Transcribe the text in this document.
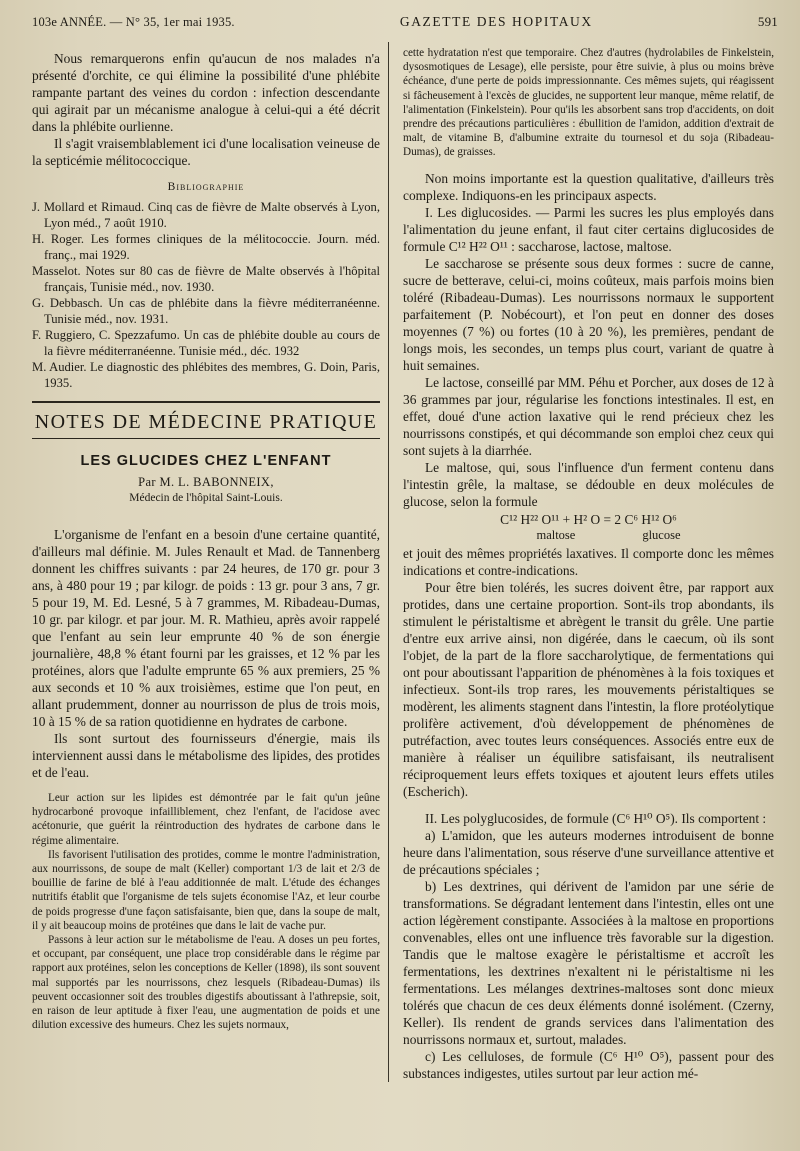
103e ANNÉE. — N° 35, 1er mai 1935.	GAZETTE DES HOPITAUX	591

Nous remarquerons enfin qu'aucun de nos malades n'a présenté d'orchite, ce qui élimine la possibilité d'une phlébite rampante partant des veines du cordon : infection descendante qui agirait par un mécanisme analogue à celui-qui a été décrit dans la phlébite ourlienne.

Il s'agit vraisemblablement ici d'une localisation veineuse de la septicémie mélitococcique.

Bibliographie

J. Mollard et Rimaud. Cinq cas de fièvre de Malte observés à Lyon, Lyon méd., 7 août 1910.

H. Roger. Les formes cliniques de la mélitococcie. Journ. méd. franç., mai 1929.

Masselot. Notes sur 80 cas de fièvre de Malte observés à l'hôpital français, Tunisie méd., nov. 1930.

G. Debbasch. Un cas de phlébite dans la fièvre méditerranéenne. Tunisie méd., nov. 1931.

F. Ruggiero, C. Spezzafumo. Un cas de phlébite double au cours de la fièvre méditerranéenne. Tunisie méd., déc. 1932

M. Audier. Le diagnostic des phlébites des membres, G. Doin, Paris, 1935.

NOTES DE MÉDECINE PRATIQUE
LES GLUCIDES CHEZ L'ENFANT
Par M. L. BABONNEIX,
Médecin de l'hôpital Saint-Louis.

L'organisme de l'enfant en a besoin d'une certaine quantité, d'ailleurs mal définie. M. Jules Renault et Mad. de Tannenberg donnent les chiffres suivants : par 24 heures, de 170 gr. pour 3 ans, à 480 pour 19 ; par kilogr. de poids : 13 gr. pour 3 ans, 7 gr. 5 pour 19, M. Ed. Lesné, 5 à 7 grammes, M. Ribadeau-Dumas, 10 gr. par kilogr. et par jour. M. R. Mathieu, après avoir rappelé que l'enfant au sein leur emprunte 40 % de son énergie journalière, 48,8 % étant fourni par les graisses, et 12 % par les protéines, alors que l'adulte emprunte 65 % aux premiers, 25 % aux seconds et 10 % aux troisièmes, estime que l'on peut, en allant prudemment, donner au nourrisson de plus de trois mois, 10 à 15 % de sa ration quotidienne en hydrates de carbone.

Ils sont surtout des fournisseurs d'énergie, mais ils interviennent aussi dans le métabolisme des lipides, des protides et de l'eau.

Leur action sur les lipides est démontrée par le fait qu'un jeûne hydrocarboné provoque infailliblement, chez l'enfant, de l'acidose avec acétonurie, que guérit la réintroduction des hydrates de carbone dans le régime alimentaire.

Ils favorisent l'utilisation des protides, comme le montre l'administration, aux nourrissons, de soupe de malt (Keller) comportant 1/3 de lait et 2/3 de bouillie de farine de blé à l'eau additionnée de malt. L'étude des échanges nutritifs établit que l'organisme de tels sujets économise l'Az, et leur courbe de poids progresse d'une façon satisfaisante, bien que, dans la soupe de malt, il y ait beaucoup moins de protéines que dans le lait de vache pur.

Passons à leur action sur le métabolisme de l'eau. A doses un peu fortes, et occupant, par conséquent, une place trop considérable dans le régime par rapport aux protéines, selon les conceptions de Keller (1898), ils sont souvent mal supportés par les nourrissons, chez lesquels (Ribadeau-Dumas) ils peuvent occasionner soit des troubles digestifs aboutissant à l'athrepsie, soit, en raison de leur aptitude à fixer l'eau, une augmentation de poids et une dilution excessive des humeurs. Chez les sujets normaux,

cette hydratation n'est que temporaire. Chez d'autres (hydrolabiles de Finkelstein, dysosmotiques de Lesage), elle persiste, pour être suivie, à plus ou moins brève échéance, d'une perte de poids impressionnante. Ces mêmes sujets, qui réagissent si fâcheusement à l'excès de glucides, ne supportent leur manque, même relatif, de l'alimentation (Finkelstein). Pour qu'ils les absorbent sans trop d'accidents, on doit prendre des précautions particulières : ébullition de l'amidon, addition d'extrait de malt, de vitamine B, d'albumine extraite du tournesol et du soja (Ribadeau-Dumas), de graisses.

Non moins importante est la question qualitative, d'ailleurs très complexe. Indiquons-en les principaux aspects.

I. Les diglucosides. — Parmi les sucres les plus employés dans l'alimentation du jeune enfant, il faut citer certains diglucosides de formule C¹² H²² O¹¹ : saccharose, lactose, maltose.

Le saccharose se présente sous deux formes : sucre de canne, sucre de betterave, celui-ci, moins coûteux, mais parfois moins bien toléré (Ribadeau-Dumas). Les nourrissons normaux le supportent parfaitement (P. Nobécourt), et l'on peut en donner des doses moyennes (7 %) ou fortes (10 à 20 %), les premières, pendant de longs mois, les secondes, un temps plus court, variant de quatre à huit semaines.

Le lactose, conseillé par MM. Péhu et Porcher, aux doses de 12 à 36 grammes par jour, régularise les fonctions intestinales. Il est, en effet, doué d'une action laxative qui le rend précieux chez les nourrissons constipés, et qui décommande son emploi chez ceux qui sont sujets à la diarrhée.

Le maltose, qui, sous l'influence d'un ferment contenu dans l'intestin grêle, la maltase, se dédouble en deux molécules de glucose, selon la formule

C¹² H²² O¹¹ + H² O = 2 C⁶ H¹² O⁶
maltose	glucose

et jouit des mêmes propriétés laxatives. Il comporte donc les mêmes indications et contre-indications.

Pour être bien tolérés, les sucres doivent être, par rapport aux protides, dans une certaine proportion. Sont-ils trop abondants, ils stimulent le péristaltisme et abrègent le transit du grêle. Une partie d'entre eux arrive ainsi, non digérée, dans le caecum, où ils sont l'objet, de la part de la flore saccharolytique, de fermentations qui ont pour aboutissant l'apparition de phénomènes à la fois toxiques et infectieux. Sont-ils trop rares, les mouvements péristaltiques se modèrent, les aliments stagnent dans l'intestin, la flore protéolytique prolifère activement, d'où développement de phénomènes de putréfaction, avec toutes leurs conséquences. Associés entre eux de manière à réaliser un équilibre satisfaisant, ils neutralisent réciproquement leurs effets toxiques et ajoutent leurs effets utiles (Escherich).

II. Les polyglucosides, de formule (C⁶ H¹⁰ O⁵). Ils comportent :

a) L'amidon, que les auteurs modernes introduisent de bonne heure dans l'alimentation, sous réserve d'une surveillance attentive et de précautions spéciales ;

b) Les dextrines, qui dérivent de l'amidon par une série de transformations. Se dégradant lentement dans l'intestin, elles ont une action légèrement constipante. Associées à la maltose en proportions convenables, elles ont une influence très favorable sur la digestion. Tandis que le maltose exagère le péristaltisme et accroît les fermentations, les dextrines n'exaltent ni le péristaltisme ni les fermentations. Les mélanges dextrines-maltoses sont donc mieux tolérés que chacun de ces deux éléments donné isolément. (Czerny, Keller). Ils rendent de grands services dans l'alimentation des nourrissons normaux et, surtout, malades.

c) Les celluloses, de formule (C⁶ H¹⁰ O⁵), passent pour des substances indigestes, utiles surtout par leur action mé-
